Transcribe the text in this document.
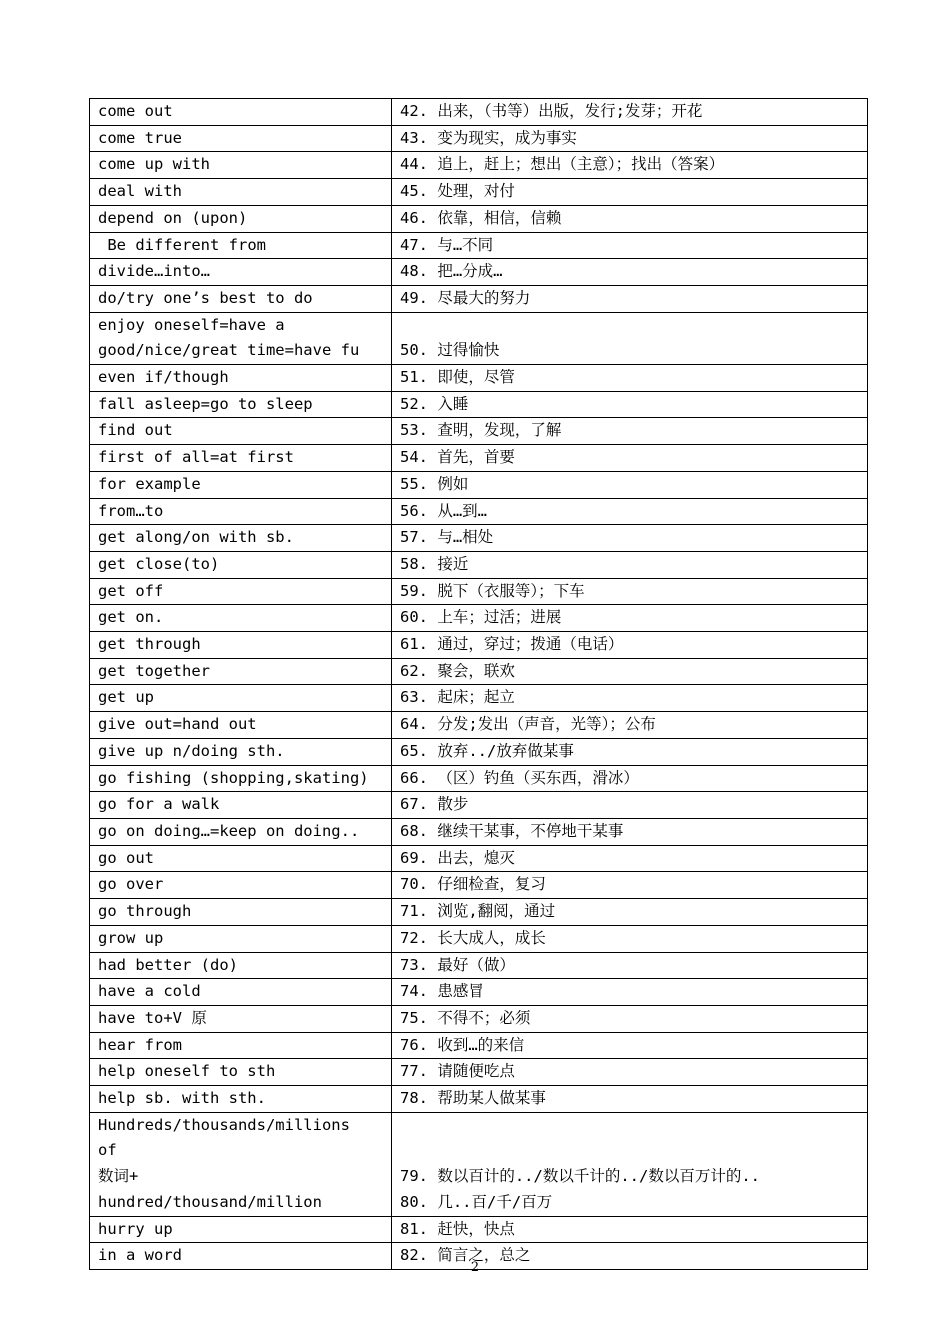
come out	42. 出来，（书等）出版，发行;发芽；开花
come true	43. 变为现实，成为事实
come up with	44. 追上，赶上；想出（主意）；找出（答案）
deal with	45. 处理，对付
depend on (upon)	46. 依靠，相信，信赖
Be different from	47. 与…不同
divide…into…	48. 把…分成…
do/try one’s best to do	49. 尽最大的努力
enjoy oneself=have a
good/nice/great time=have fu	50. 过得愉快
even if/though	51. 即使，尽管
fall asleep=go to sleep	52. 入睡
find out	53. 查明，发现，了解
first of all=at first	54. 首先，首要
for example	55. 例如
from…to	56. 从…到…
get along/on with sb.	57. 与…相处
get close(to)	58. 接近
get off	59. 脱下（衣服等）；下车
get on.	60. 上车；过活；进展
get through	61. 通过，穿过；拨通（电话）
get together	62. 聚会，联欢
get up	63. 起床；起立
give out=hand out	64. 分发;发出（声音，光等）；公布
give up n/doing sth.	65. 放弃../放弃做某事
go fishing (shopping,skating)	66. （区）钓鱼（买东西，滑冰）
go for a walk	67. 散步
go on doing…=keep on doing..	68. 继续干某事，不停地干某事
go out	69. 出去，熄灭
go over	70. 仔细检查，复习
go through	71. 浏览,翻阅，通过
grow up	72. 长大成人，成长
had better (do)	73. 最好（做）
have a cold	74. 患感冒
have to+V 原	75. 不得不；必须
hear from	76. 收到…的来信
help oneself to sth	77. 请随便吃点
help sb. with sth.	78. 帮助某人做某事
Hundreds/thousands/millions
of
数词+
hundred/thousand/million	79. 数以百计的../数以千计的../数以百万计的..
80. 几..百/千/百万
hurry up	81. 赶快，快点
in a word	82. 简言之，总之
2
